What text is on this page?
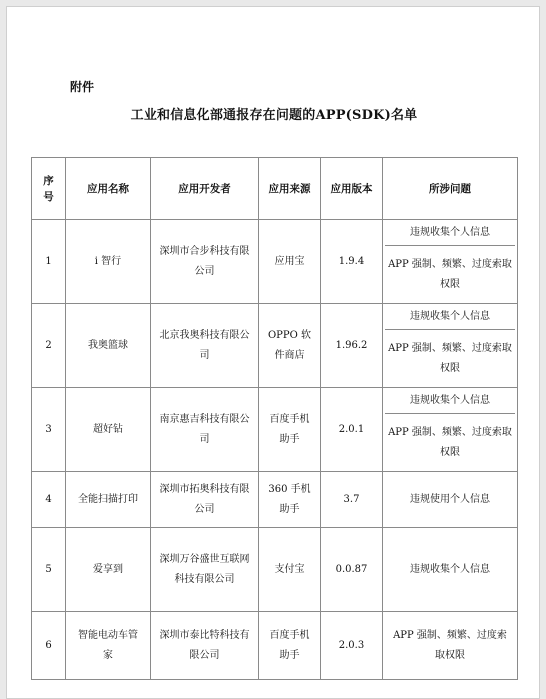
附件
工业和信息化部通报存在问题的APP(SDK)名单
序号	应用名称	应用开发者	应用来源	应用版本	所涉问题
1	i 智行	深圳市合步科技有限公司	应用宝	1.9.4	违规收集个人信息
APP 强制、频繁、过度索取权限

2	我奥篮球	北京我奥科技有限公司	OPPO 软件商店	1.96.2	违规收集个人信息
APP 强制、频繁、过度索取权限

3	超好钻	南京惠吉科技有限公司	百度手机助手	2.0.1	违规收集个人信息
APP 强制、频繁、过度索取权限

4	全能扫描打印	深圳市拓奥科技有限公司	360 手机助手	3.7	违规使用个人信息
5	爱享到	深圳万谷盛世互联网科技有限公司	支付宝	0.0.87	违规收集个人信息
6	智能电动车管家	深圳市泰比特科技有限公司	百度手机助手	2.0.3	APP 强制、频繁、过度索取权限
